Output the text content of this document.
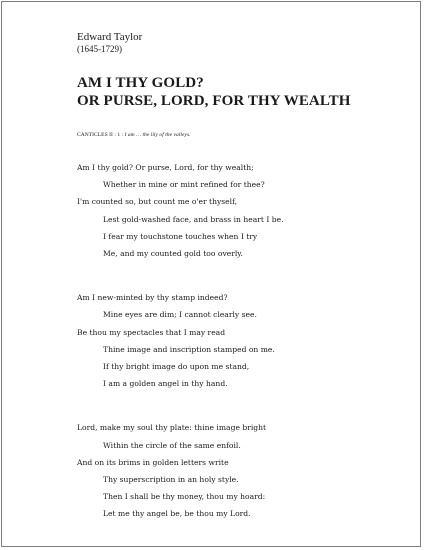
Edward Taylor

(1645-1729)

AM I THY GOLD?
OR PURSE, LORD, FOR THY WEALTH

CANTICLES II : 1 : I am … the lily of the valleys.

Am I thy gold? Or purse, Lord, for thy wealth;
Whether in mine or mint refined for thee?
I'm counted so, but count me o'er thyself,
Lest gold-washed face, and brass in heart I be.
I fear my touchstone touches when I try
Me, and my counted gold too overly.
Am I new-minted by thy stamp indeed?
Mine eyes are dim; I cannot clearly see.
Be thou my spectacles that I may read
Thine image and inscription stamped on me.
If thy bright image do upon me stand,
I am a golden angel in thy hand.
Lord, make my soul thy plate: thine image bright
Within the circle of the same enfoil.
And on its brims in golden letters write
Thy superscription in an holy style.
Then I shall be thy money, thou my hoard:
Let me thy angel be, be thou my Lord.
